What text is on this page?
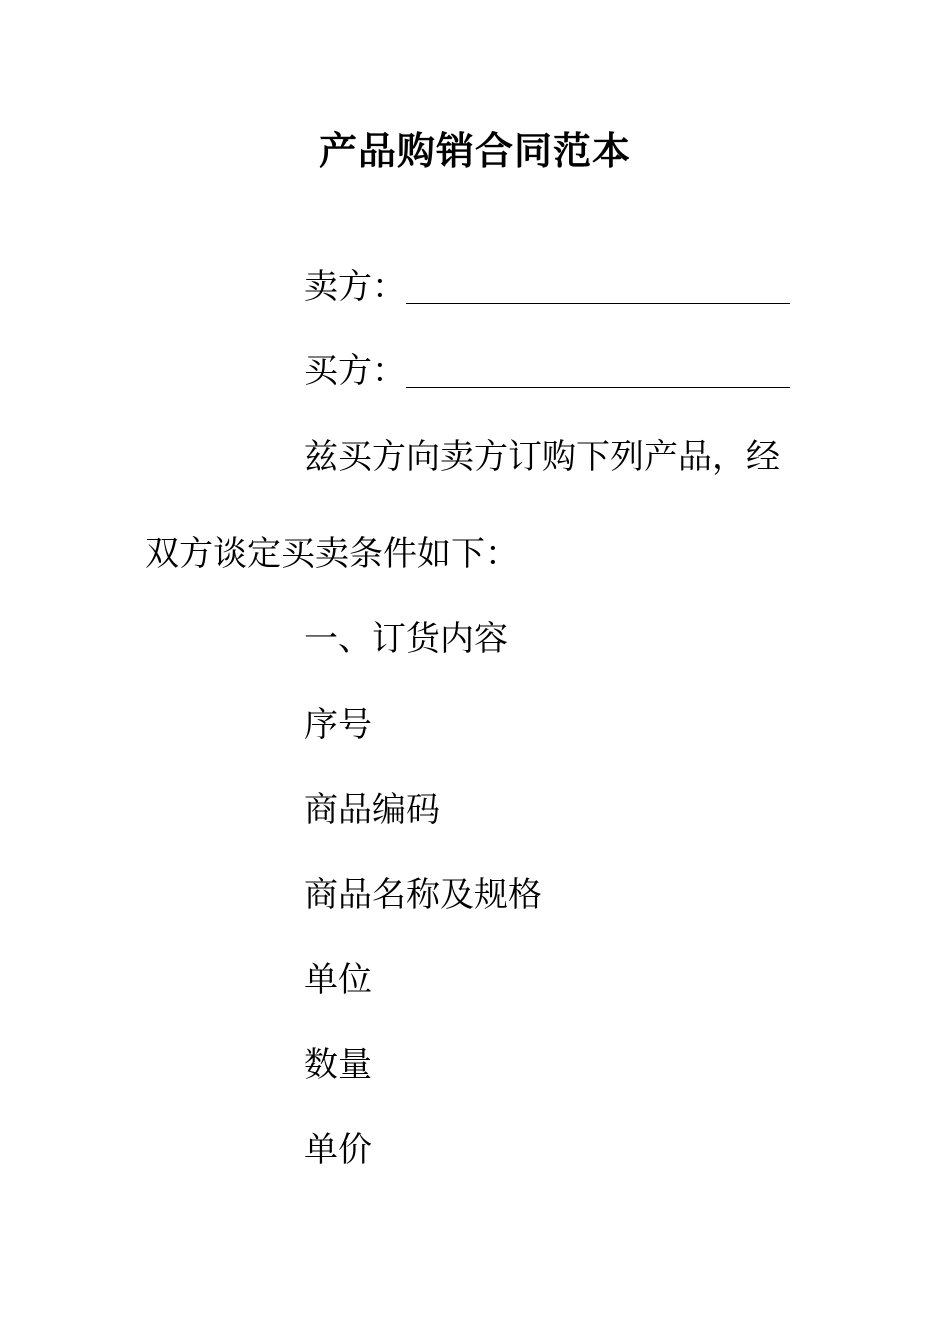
产品购销合同范本
卖方：
买方：
兹买方向卖方订购下列产品，经
双方谈定买卖条件如下：
一、订货内容
序号
商品编码
商品名称及规格
单位
数量
单价
